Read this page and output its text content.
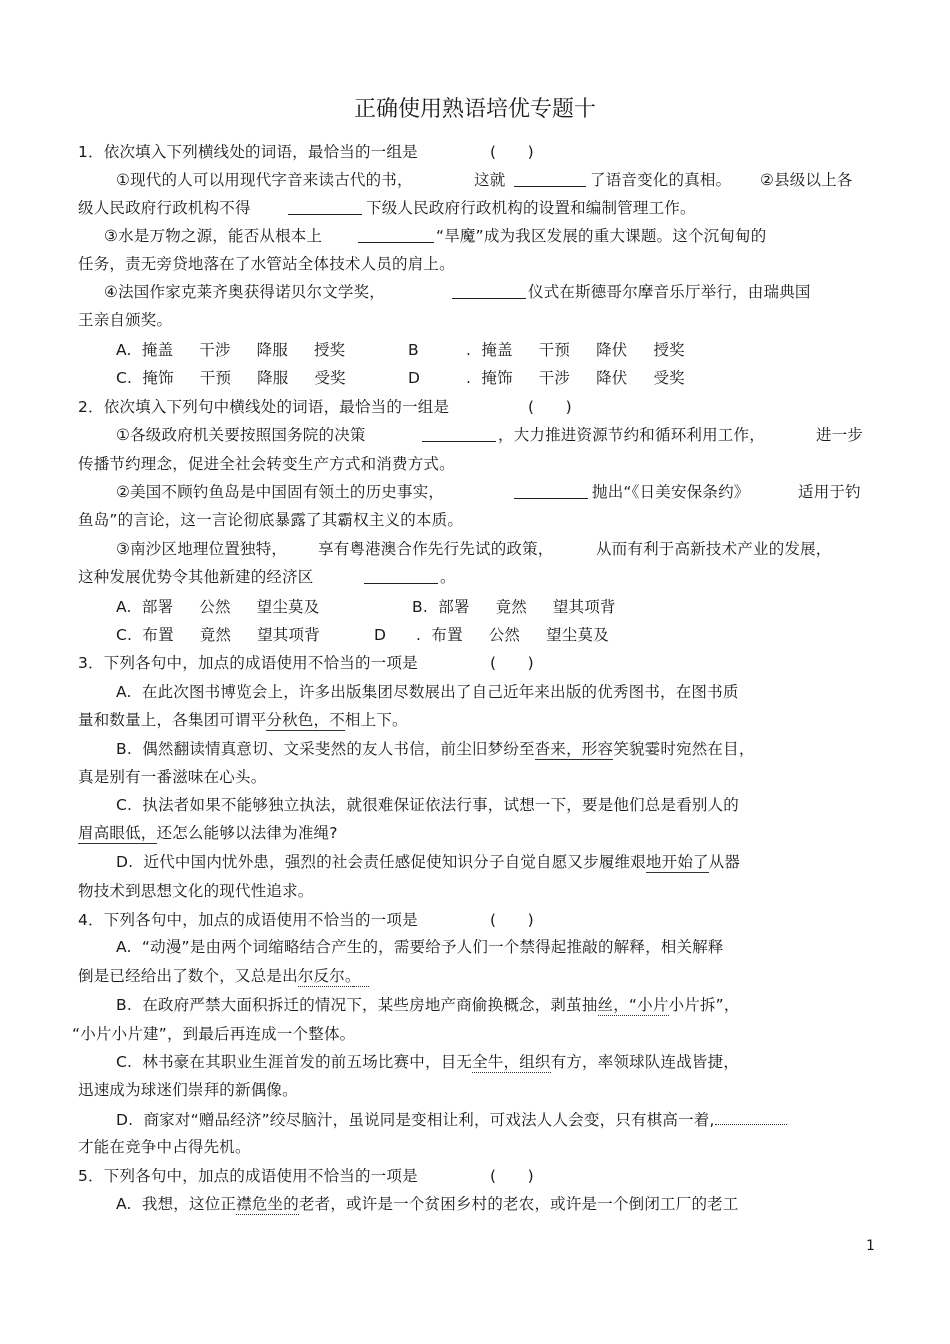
正确使用熟语培优专题十
1．依次填入下列横线处的词语，最恰当的一组是	(　　)
①现代的人可以用现代字音来读古代的书，	这就	了语音变化的真相。 ②县级以上各
级人民政府行政机构不得	下级人民政府行政机构的设置和编制管理工作。
③水是万物之源，能否从根本上	“旱魔”成为我区发展的重大课题。这个沉甸甸的
任务，责无旁贷地落在了水管站全体技术人员的肩上。
④法国作家克莱齐奥获得诺贝尔文学奖，	仪式在斯德哥尔摩音乐厅举行，由瑞典国
王亲自颁奖。
A.  掩盖　  干涉　  降服　  授奖	B	.  掩盖　  干预　  降伏　  授奖
C.  掩饰　  干预　  降服　  受奖	D	.  掩饰　  干涉　  降伏　  受奖
2．依次填入下列句中横线处的词语，最恰当的一组是	(　　)
①各级政府机关要按照国务院的决策	，大力推进资源节约和循环利用工作，	进一步
传播节约理念，促进全社会转变生产方式和消费方式。
②美国不顾钓鱼岛是中国固有领土的历史事实，	抛出“《日美安保条约》	适用于钓
鱼岛”的言论，这一言论彻底暴露了其霸权主义的本质。
③南沙区地理位置独特， 享有粤港澳合作先行先试的政策，	从而有利于高新技术产业的发展，
这种发展优势令其他新建的经济区	。
A.  部署　  公然　  望尘莫及	B.  部署　  竟然　  望其项背
C.  布置　  竟然　  望其项背	D .  布置　  公然　  望尘莫及
3．下列各句中，加点的成语使用不恰当的一项是	(　　)
A.  在此次图书博览会上，许多出版集团尽数展出了自己近年来出版的优秀图书，在图书质
量和数量上，各集团可谓平分秋色，不相上下。
B.  偶然翻读情真意切、文采斐然的友人书信，前尘旧梦纷至沓来，形容笑貌霎时宛然在目，
真是别有一番滋味在心头。
C.  执法者如果不能够独立执法，就很难保证依法行事，试想一下，要是他们总是看别人的
眉高眼低，还怎么能够以法律为准绳?
D.  近代中国内忧外患，强烈的社会责任感促使知识分子自觉自愿又步履维艰地开始了从器
物技术到思想文化的现代性追求。
4．下列各句中，加点的成语使用不恰当的一项是	(　　)
A.  “动漫”是由两个词缩略结合产生的，需要给予人们一个禁得起推敲的解释，相关解释
倒是已经给出了数个，又总是出尔反尔。　
B.  在政府严禁大面积拆迁的情况下，某些房地产商偷换概念，剥茧抽丝，“小片小片拆”，
“小片小片建”，到最后再连成一个整体。
C.  林书豪在其职业生涯首发的前五场比赛中，目无全牛，组织有方，率领球队连战皆捷，
迅速成为球迷们崇拜的新偶像。
D.  商家对“赠品经济”绞尽脑汁，虽说同是变相让利，可戏法人人会变，只有棋高一着,
才能在竞争中占得先机。
5．下列各句中，加点的成语使用不恰当的一项是	(　　)
A.  我想，这位正襟危坐的老者，或许是一个贫困乡村的老农，或许是一个倒闭工厂的老工
1
